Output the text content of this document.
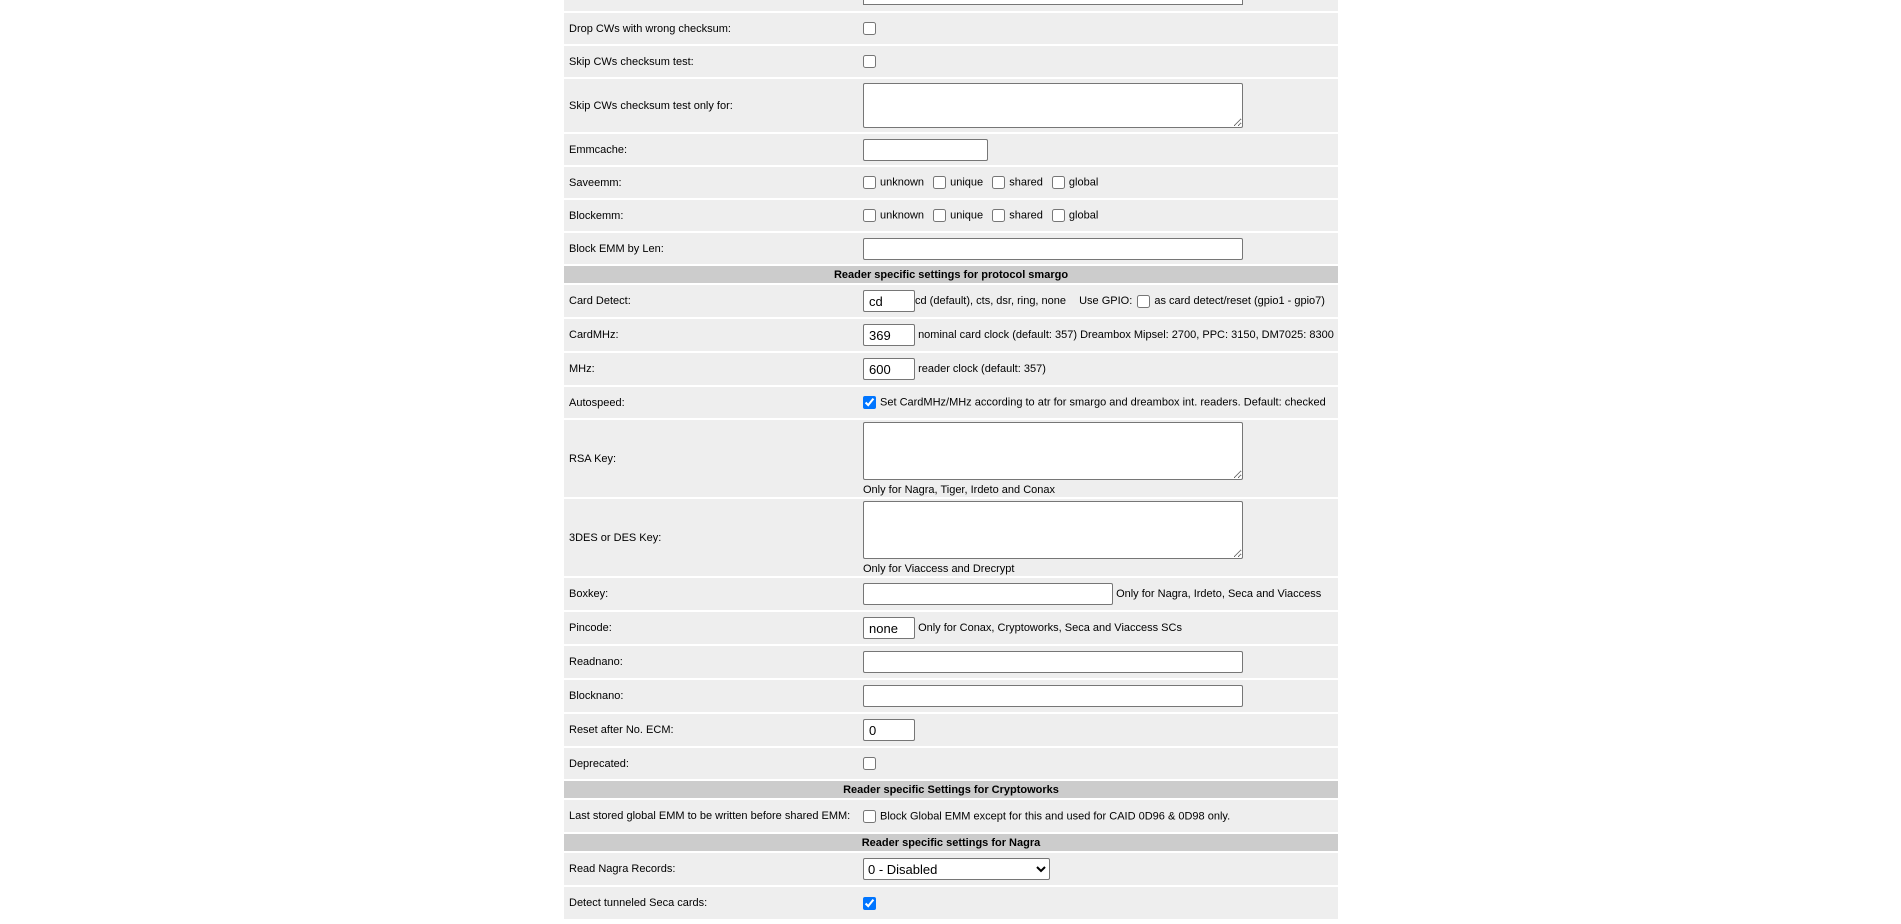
Drop CWs with wrong checksum:	
Skip CWs checksum test:	
Skip CWs checksum test only for:	

Emmcache:	
Saveemm:	unknown unique shared global
Blockemm:	unknown unique shared global
Block EMM by Len:	
Reader specific settings for protocol smargo	
Card Detect:	cdcd (default), cts, dsr, ring, none Use GPIO: as card detect/reset (gpio1 - gpio7)
CardMHz:	369nominal card clock (default: 357) Dreambox Mipsel: 2700, PPC: 3150, DM7025: 8300
MHz:	600reader clock (default: 357)
Autospeed:	Set CardMHz/MHz according to atr for smargo and dreambox int. readers. Default: checked
RSA Key:	Only for Nagra, Tiger, Irdeto and Conax

3DES or DES Key:	Only for Viaccess and Drecrypt

Boxkey:	Only for Nagra, Irdeto, Seca and Viaccess
Pincode:	noneOnly for Conax, Cryptoworks, Seca and Viaccess SCs
Readnano:	
Blocknano:	
Reset after No. ECM:	0
Deprecated:	
Reader specific Settings for Cryptoworks	
Last stored global EMM to be written before shared EMM:	Block Global EMM except for this and used for CAID 0D96 & 0D98 only.
Reader specific settings for Nagra	
Read Nagra Records:	
0 - Disabled
Detect tunneled Seca cards:	
